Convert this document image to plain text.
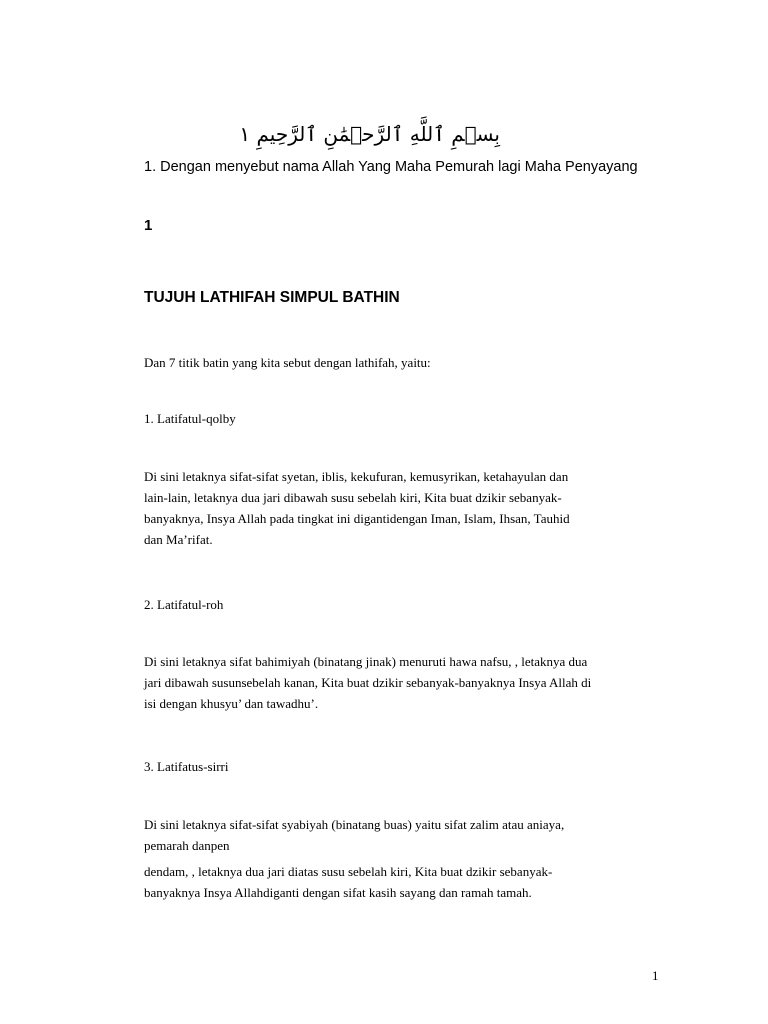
بِسۡمِ ٱللَّهِ ٱلرَّحۡمَٰنِ ٱلرَّحِيمِ ١

1. Dengan menyebut nama Allah Yang Maha Pemurah lagi Maha Penyayang

1

TUJUH LATHIFAH SIMPUL BATHIN

Dan 7 titik batin yang kita sebut dengan lathifah, yaitu:

1. Latifatul-qolby

Di sini letaknya sifat-sifat syetan, iblis, kekufuran, kemusyrikan, ketahayulan dan
lain-lain, letaknya dua jari dibawah susu sebelah kiri, Kita buat dzikir sebanyak-
banyaknya, Insya Allah pada tingkat ini digantidengan Iman, Islam, Ihsan, Tauhid
dan Ma’rifat.

2. Latifatul-roh

Di sini letaknya sifat bahimiyah (binatang jinak) menuruti hawa nafsu, , letaknya dua
jari dibawah susunsebelah kanan, Kita buat dzikir sebanyak-banyaknya Insya Allah di
isi dengan khusyu’ dan tawadhu’.

3. Latifatus-sirri

Di sini letaknya sifat-sifat syabiyah (binatang buas) yaitu sifat zalim atau aniaya,
pemarah danpen
dendam, , letaknya dua jari diatas susu sebelah kiri, Kita buat dzikir sebanyak-
banyaknya Insya Allahdiganti dengan sifat kasih sayang dan ramah tamah.
1
